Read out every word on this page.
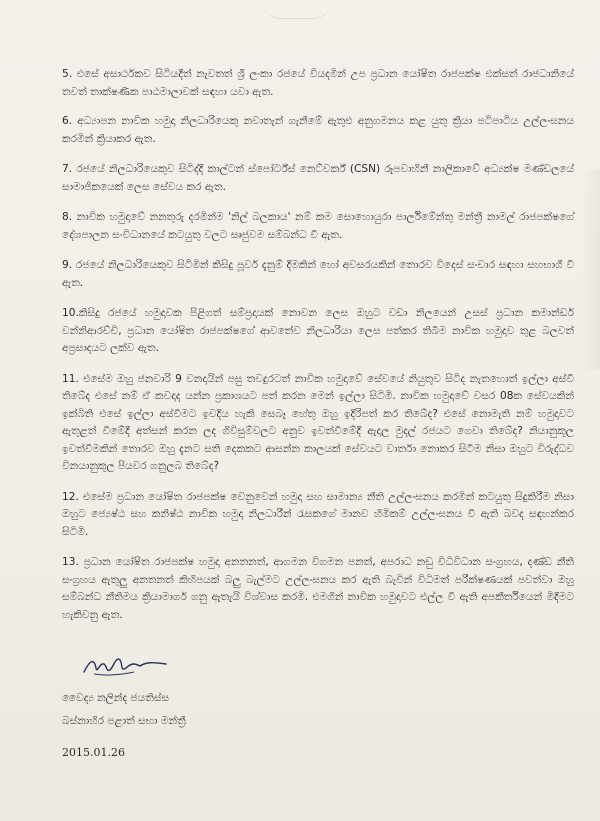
5. එසේ අසාර්ථකව සිටියදීත් නැවතත් ශ්‍රී ලංකා රජයේ වියදමින් උප ප්‍රධාන යෝෂිත රාජපක්ෂ එක්සත් රාජධානියේ තවත් තාක්ෂණික පාඨමාලාවක් සඳහා යවා ඇත.

6. අධ්‍යාපන නාවික හමුදා නිලධාරියෙකු නවාතැන් ගැනීමේ ඇතුළු අනුගමනය කළ යුතු ක්‍රියා පටිපාටිය උල්ලංඝනය කරමින් ක්‍රියාකර ඇත.

7. රජයේ නිලධාරියෙකුව සිටිද්දී කාල්ටන් ස්පෝර්ට්ස් නෙට්වර්ක් (CSN) රූපවාහිනී නාලිකාවේ අධ්‍යක්ෂ මණ්ඩලයේ සාමාජිකයෙක් ලෙස සේවය කර ඇත.

8. නාවික හමුදාවේ නනතුරු දරමින්ම 'නිල් බලකාය' නම් කම සොහොයුරා පාර්ලිමේන්තු මන්ත්‍රී නාමල් රාජපක්ෂගේ දේශපාලන සංවිධානයේ කටයුතු වලට සෘජුවම සම්බන්ධ වී ඇත.

9. රජයේ නිලධාරියෙකුව සිටිමින් කිසිදු පූර්ව දැනුම් දීමකින් හෝ අවසරයකින් තොරව විදෙස් සංචාර සඳහා සහභාගී වී ඇත.

10.කිසිදු රජයේ හමුදාවක පිළිගත් සම්ප්‍රදායක් නොවන ලෙස ඔහුට වඩා නිලයෙන් උසස් ප්‍රධාන කමාන්ඩර් වන්නිආරච්චි, ප්‍රධාන යෝෂිත රාජපක්ෂගේ ආවතේව නිලධාරියා ලෙස පත්කර තිබීම නාවික හමුදාව තුළ බලවත් අප්‍රසාදයට ලක්ව ඇත.

11. එසේම ඔහු ජනවාරි 9 වනදායින් පසු තවදුරටත් නාවික හමුදාවේ සේවයේ නියුතුව සිටිද නැතහොත් ඉල්ලා අස්වී තිබේද එසේ නම් ඒ කවදාද යන්න ප්‍රකාශයට පත් කරන මෙන් ඉල්ලා සිටිමි. නාවික හමුදාවේ වසර 08ක සේවයකින් ඉක්බිති එසේ ඉල්ලා අස්වීමට ඉවදිය හැකි සෙබෑ හේතු ඔහු ඉදිරිපත් කර තිබේද? එසේ නොමැති නම් හමුදාවට ඇතුළත් වීමේදී අත්සන් කරන ලද ගිවිසුම්වලට අනුව ඉවත්වීමේදී ඇදාල මුදල් රජයට ගෙවා තිබේද? නියානුකූල ඉවත්වීමකින් තොරව ඔහු දැනට සති දෙකකට ආසන්න කාලයක් සේවයට වාර්තා නොකර සිටීම නිසා ඔහුට විරුද්ධව විනයානුකූල පියවර ගනුලබ තිබේද?

12. එසේම ප්‍රධාන යෝෂිත රාජපක්ෂ වෙනුවෙන් හමුදා සහ සාමාන්‍ය නීති උල්ලංඝනය කරමින් කටයුතු සිදුකිරීම නිසා ඔහුට ජ්‍යෙෂ්ඨ සහ කනිෂ්ඨ නාවික හමුදා නිලධාරීන් රැසකගේ මානව හිමිකම් උල්ලංඝනය වී ඇති බවද සඳහන්කර සිටිමි.

13. ප්‍රධාන යෝෂිත රාජපක්ෂ හමුදා අනතනත්, ආගමන විගමන පනත්, අපරාධ නඩු විධිවිධාන සංග්‍රහය, දණ්ඩ නීති සංග්‍රහය ඇතුලු අනතනත් කිහිපයක් බලු බැල්මට උල්ලංඝනය කර ඇති බැවින් විධිමත් පරීක්ෂණයක් පවත්වා ඔහු සම්බන්ධ නීතිමය ක්‍රියාමාර්ග ගනු ඇතැයි විශ්වාස කරමි. එමගින් නාවික හමුදාවට එල්ල වී ඇති අපකීර්තියෙන් මිදීමට හැකිවනු ඇත.

වෛද්‍ය නලින්ද ජයතිස්ස
බස්නාහිර පළාත් සභා මන්ත්‍රී
2015.01.26
